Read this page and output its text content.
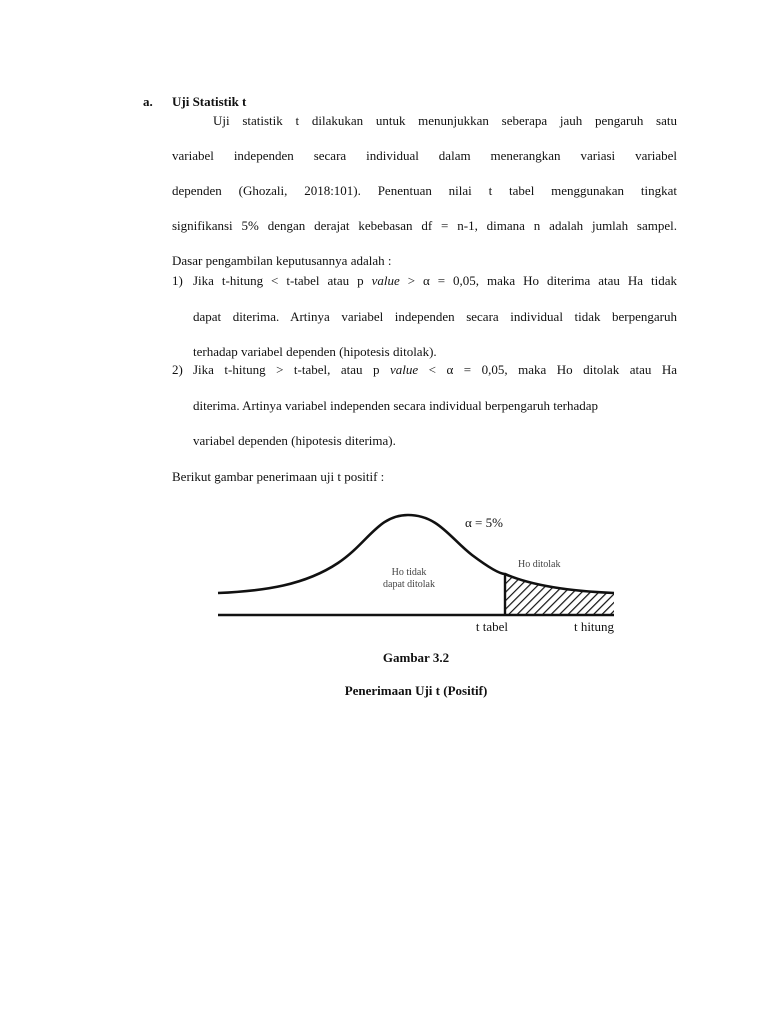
a. Uji Statistik t
Uji statistik t dilakukan untuk menunjukkan seberapa jauh pengaruh satu
variabel independen secara individual dalam menerangkan variasi variabel
dependen (Ghozali, 2018:101). Penentuan nilai t tabel menggunakan tingkat
signifikansi 5% dengan derajat kebebasan df = n-1, dimana n adalah jumlah sampel.
Dasar pengambilan keputusannya adalah :
1) Jika t-hitung < t-tabel atau p value > α = 0,05, maka Ho diterima atau Ha tidak
dapat diterima. Artinya variabel independen secara individual tidak berpengaruh
terhadap variabel dependen (hipotesis ditolak).
2) Jika t-hitung > t-tabel, atau p value < α = 0,05, maka Ho ditolak atau Ha
diterima. Artinya variabel independen secara individual berpengaruh terhadap
variabel dependen (hipotesis diterima).
Berikut gambar penerimaan uji t positif :
α = 5%
Ho tidak
dapat ditolak
Ho ditolak
t tabel	t hitung
Gambar 3.2
Penerimaan Uji t (Positif)
